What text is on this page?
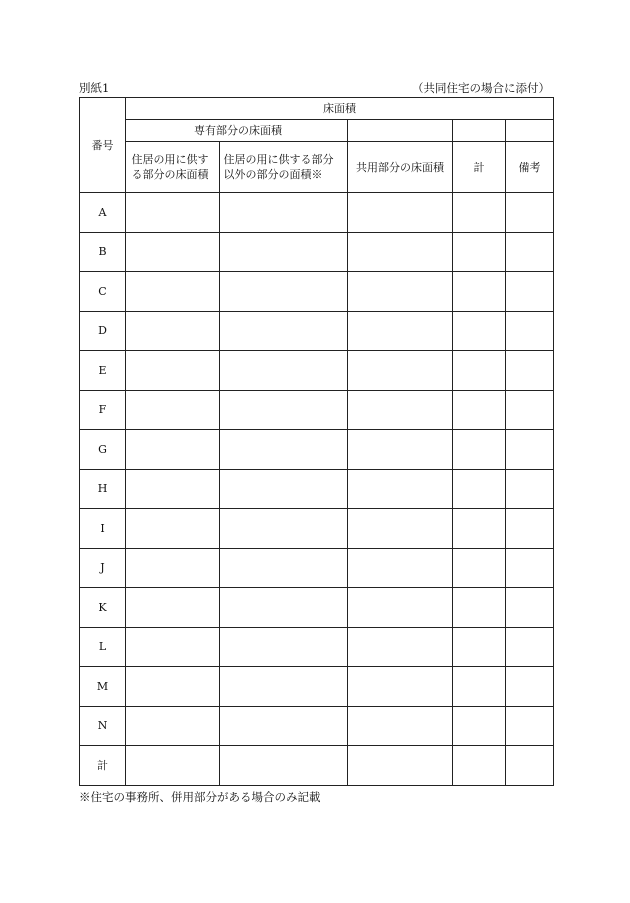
別紙1	（共同住宅の場合に添付）
番号	床面積				
	専有部分の床面積				

	住居の用に供する部分の床面積	住居の用に供する部分以外の部分の面積※	共用部分の床面積	計	備考
A					
B					
C					
D					
E					
F					
G					
H					
I					
J					
K					
L					
M					
N					
計					
※住宅の事務所、併用部分がある場合のみ記載
